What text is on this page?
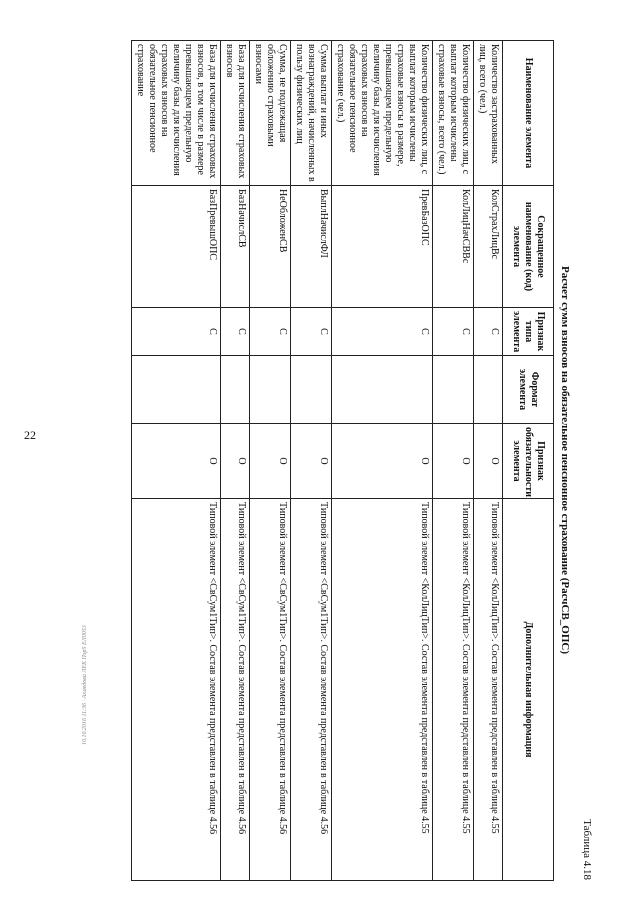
22
10.10.2016 11:36 · Ахмедова ЛЕК Пэр5 ЕЛ0053
Таблица 4.18
Расчет сумм взносов на обязательное пенсионное страхование (РасчСВ_ОПС)
Наименование элемента	Сокращенное наименование (код) элемента	Признак типа элемента	Формат элемента	Признак обязательности элемента	Дополнительная информация
Количество застрахованных лиц, всего (чел.)	КолСтрахЛицВс	С		О	Типовой элемент <КолЛицТип>. Состав элемента представлен в таблице 4.55
Количество физических лиц, с выплат которым исчислены страховые взносы, всего (чел.)	КолЛицНачСВВс	С		О	Типовой элемент <КолЛицТип>. Состав элемента представлен в таблице 4.55
Количество физических лиц, с выплат которым исчислены страховые взносы в размере, превышающем предельную величину базы для исчисления страховых взносов на обязательное пенсионное страхование (чел.)	ПревБазОПС	С		О	Типовой элемент <КолЛицТип>. Состав элемента представлен в таблице 4.55
Сумма выплат и иных вознаграждений, начисленных в пользу физических лиц	ВыплНачислФЛ	С		О	Типовой элемент <СвСум1Тип>. Состав элемента представлен в таблице 4.56
Сумма, не подлежащая обложению страховыми взносами	НеОбложенСВ	С		О	Типовой элемент <СвСум1Тип>. Состав элемента представлен в таблице 4.56
База для исчисления страховых взносов	БазНачислСВ	С		О	Типовой элемент <СвСум1Тип>. Состав элемента представлен в таблице 4.56
База для исчисления страховых взносов, в том числе в размере превышающем предельную величину базы для исчисления страховых взносов на обязательное пенсионное страхование	БазПревышОПС	С		О	Типовой элемент <СвСум1Тип>. Состав элемента представлен в таблице 4.56
